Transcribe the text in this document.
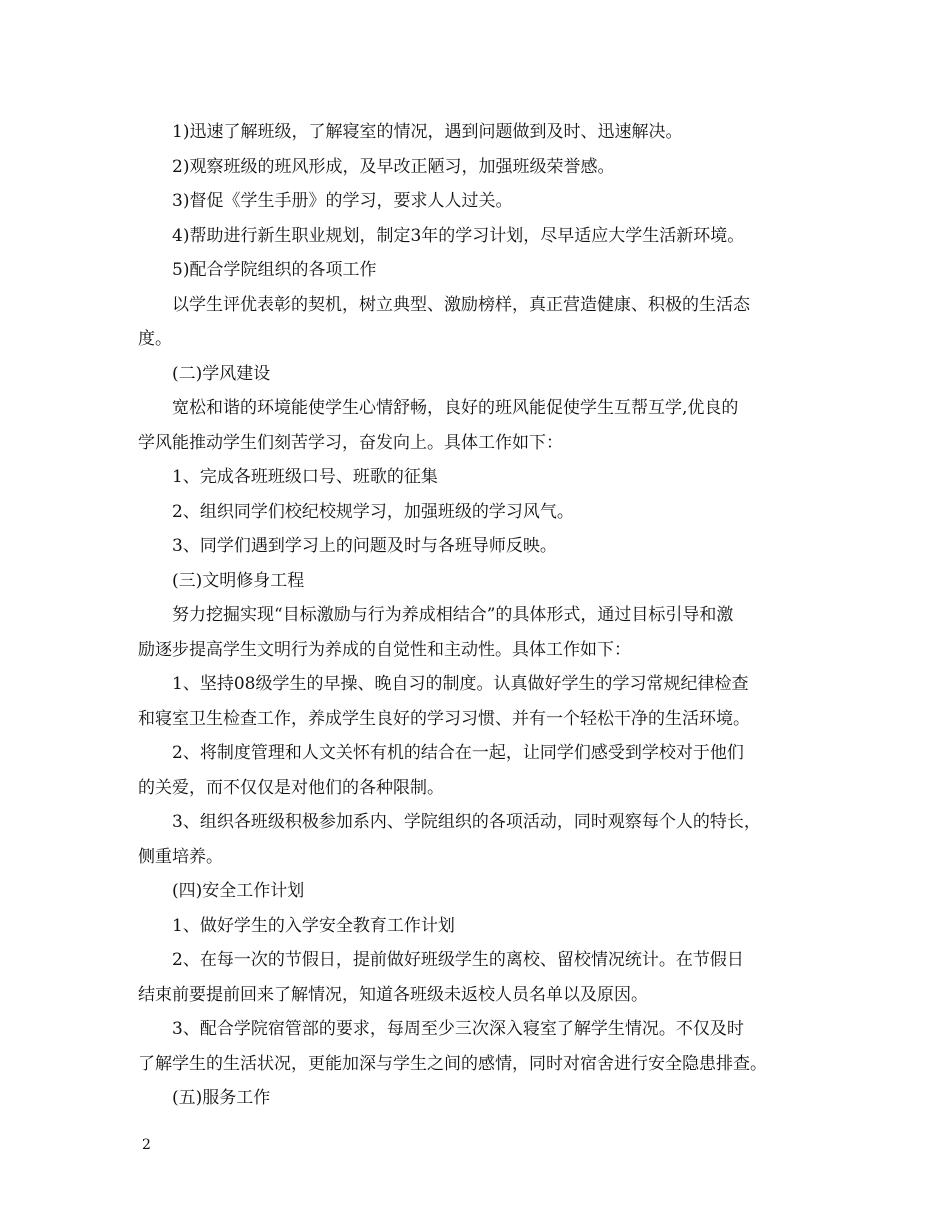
1)迅速了解班级，了解寝室的情况，遇到问题做到及时、迅速解决。
2)观察班级的班风形成，及早改正陋习，加强班级荣誉感。
3)督促《学生手册》的学习，要求人人过关。
4)帮助进行新生职业规划，制定3年的学习计划，尽早适应大学生活新环境。
5)配合学院组织的各项工作
以学生评优表彰的契机，树立典型、激励榜样，真正营造健康、积极的生活态
度。
(二)学风建设
宽松和谐的环境能使学生心情舒畅，良好的班风能促使学生互帮互学,优良的
学风能推动学生们刻苦学习，奋发向上。具体工作如下：
1、完成各班班级口号、班歌的征集
2、组织同学们校纪校规学习，加强班级的学习风气。
3、同学们遇到学习上的问题及时与各班导师反映。
(三)文明修身工程
努力挖掘实现“目标激励与行为养成相结合”的具体形式，通过目标引导和激
励逐步提高学生文明行为养成的自觉性和主动性。具体工作如下：
1、坚持08级学生的早操、晚自习的制度。认真做好学生的学习常规纪律检查
和寝室卫生检查工作，养成学生良好的学习习惯、并有一个轻松干净的生活环境。
2、将制度管理和人文关怀有机的结合在一起，让同学们感受到学校对于他们
的关爱，而不仅仅是对他们的各种限制。
3、组织各班级积极参加系内、学院组织的各项活动，同时观察每个人的特长，
侧重培养。
(四)安全工作计划
1、做好学生的入学安全教育工作计划
2、在每一次的节假日，提前做好班级学生的离校、留校情况统计。在节假日
结束前要提前回来了解情况，知道各班级未返校人员名单以及原因。
3、配合学院宿管部的要求，每周至少三次深入寝室了解学生情况。不仅及时
了解学生的生活状况，更能加深与学生之间的感情，同时对宿舍进行安全隐患排查。
(五)服务工作
2
